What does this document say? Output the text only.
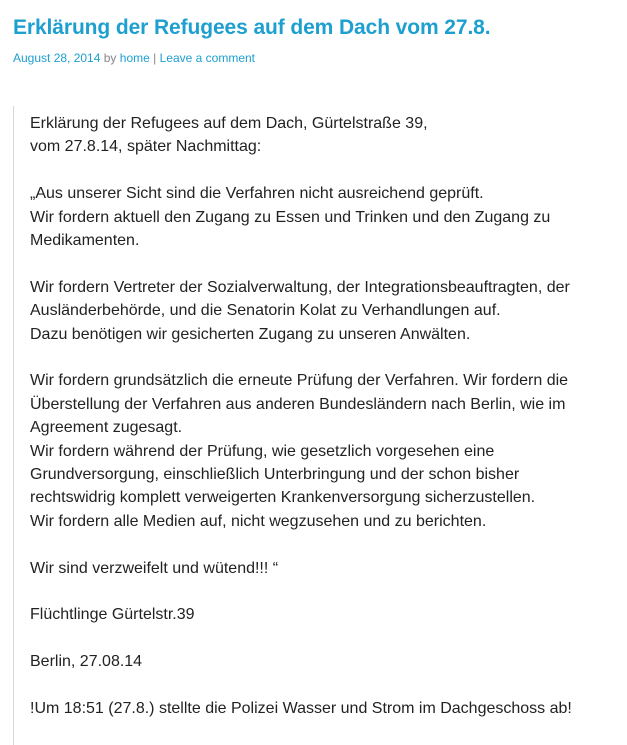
Erklärung der Refugees auf dem Dach vom 27.8.
August 28, 2014 by home | Leave a comment

Erklärung der Refugees auf dem Dach, Gürtelstraße 39,
vom 27.8.14, später Nachmittag:

„Aus unserer Sicht sind die Verfahren nicht ausreichend geprüft.
Wir fordern aktuell den Zugang zu Essen und Trinken und den Zugang zu
Medikamenten.

Wir fordern Vertreter der Sozialverwaltung, der Integrationsbeauftragten, der
Ausländerbehörde, und die Senatorin Kolat zu Verhandlungen auf.
Dazu benötigen wir gesicherten Zugang zu unseren Anwälten.

Wir fordern grundsätzlich die erneute Prüfung der Verfahren. Wir fordern die
Überstellung der Verfahren aus anderen Bundesländern nach Berlin, wie im
Agreement zugesagt.
Wir fordern während der Prüfung, wie gesetzlich vorgesehen eine
Grundversorgung, einschließlich Unterbringung und der schon bisher
rechtswidrig komplett verweigerten Krankenversorgung sicherzustellen.
Wir fordern alle Medien auf, nicht wegzusehen und zu berichten.

Wir sind verzweifelt und wütend!!! “

Flüchtlinge Gürtelstr.39

Berlin, 27.08.14

!Um 18:51 (27.8.) stellte die Polizei Wasser und Strom im Dachgeschoss ab!
